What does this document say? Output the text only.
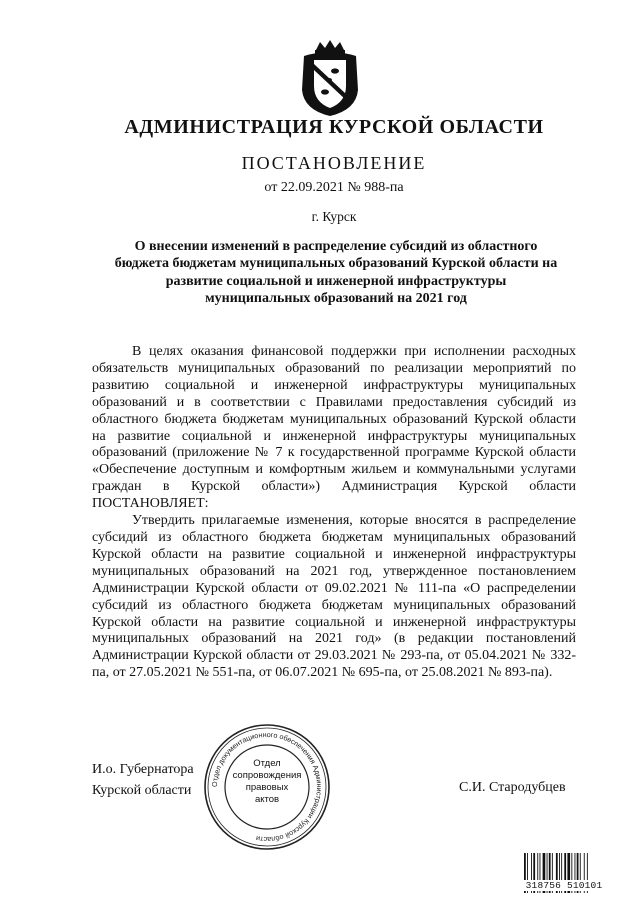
АДМИНИСТРАЦИЯ КУРСКОЙ ОБЛАСТИ
ПОСТАНОВЛЕНИЕ
от 22.09.2021 № 988-па
г. Курск
О внесении изменений в распределение субсидий из областного
бюджета бюджетам муниципальных образований Курской области на
развитие социальной и инженерной инфраструктуры
муниципальных образований на 2021 год

В целях оказания финансовой поддержки при исполнении расходных обязательств муниципальных образований по реализации мероприятий по развитию социальной и инженерной инфраструктуры муниципальных образований и в соответствии с Правилами предоставления субсидий из областного бюджета бюджетам муниципальных образований Курской области на развитие социальной и инженерной инфраструктуры муниципальных образований (приложение № 7 к государственной программе Курской области «Обеспечение доступным и комфортным жильем и коммунальными услугами граждан в Курской области») Администрация Курской области ПОСТАНОВЛЯЕТ:

Утвердить прилагаемые изменения, которые вносятся в распределение субсидий из областного бюджета бюджетам муниципальных образований Курской области на развитие социальной и инженерной инфраструктуры муниципальных образований на 2021 год, утвержденное постановлением Администрации Курской области от 09.02.2021 № 111-па «О распределении субсидий из областного бюджета бюджетам муниципальных образований Курской области на развитие социальной и инженерной инфраструктуры муниципальных образований на 2021 год» (в редакции постановлений Администрации Курской области от 29.03.2021 № 293-па, от 05.04.2021 № 332-па, от 27.05.2021 № 551-па, от 06.07.2021 № 695-па, от 25.08.2021 № 893-па).

И.о. Губернатора
Курской области	С.И. Стародубцев
Отдел документационного обеспечения Администрации Курской области
Отдел
сопровождения
правовых
актов
318756 510101
